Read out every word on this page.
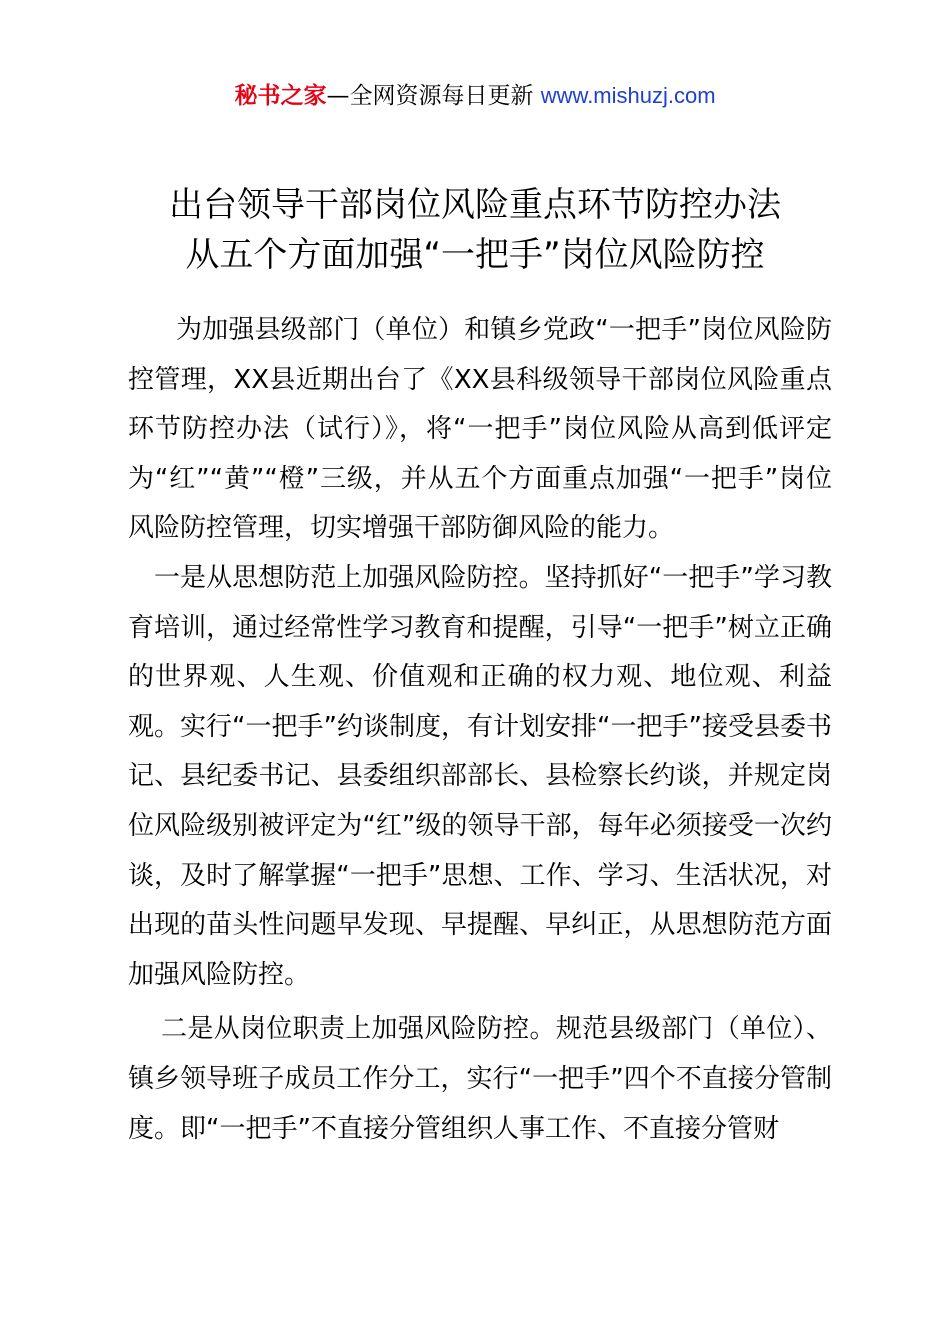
秘书之家—全网资源每日更新 www.mishuzj.com
出台领导干部岗位风险重点环节防控办法
从五个方面加强“一把手”岗位风险防控

为加强县级部门（单位）和镇乡党政“一把手”岗位风险防控管理，XX县近期出台了《XX县科级领导干部岗位风险重点环节防控办法（试行）》，将“一把手”岗位风险从高到低评定为“红”“黄”“橙”三级，并从五个方面重点加强“一把手”岗位风险防控管理，切实增强干部防御风险的能力。

一是从思想防范上加强风险防控。坚持抓好“一把手”学习教育培训，通过经常性学习教育和提醒，引导“一把手”树立正确的世界观、人生观、价值观和正确的权力观、地位观、利益观。实行“一把手”约谈制度，有计划安排“一把手”接受县委书记、县纪委书记、县委组织部部长、县检察长约谈，并规定岗位风险级别被评定为“红”级的领导干部，每年必须接受一次约谈，及时了解掌握“一把手”思想、工作、学习、生活状况，对出现的苗头性问题早发现、早提醒、早纠正，从思想防范方面加强风险防控。

二是从岗位职责上加强风险防控。规范县级部门（单位）、镇乡领导班子成员工作分工，实行“一把手”四个不直接分管制度。即“一把手”不直接分管组织人事工作、不直接分管财
